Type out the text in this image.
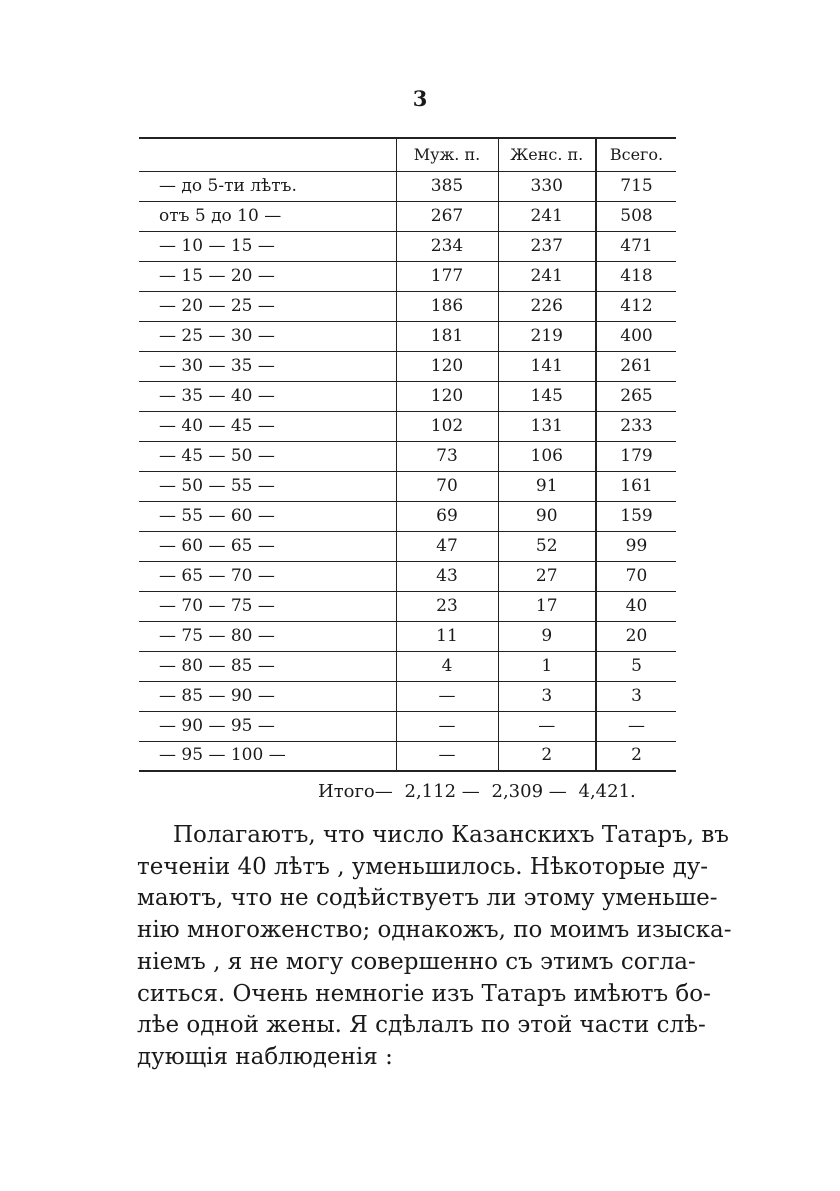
3
	Муж. п.	Женс. п.	Всего.
— до 5-ти лѣтъ.	385	330	715
отъ 5 до 10 —	267	241	508
— 10 — 15 —	234	237	471
— 15 — 20 —	177	241	418
— 20 — 25 —	186	226	412
— 25 — 30 —	181	219	400
— 30 — 35 —	120	141	261
— 35 — 40 —	120	145	265
— 40 — 45 —	102	131	233
— 45 — 50 —	73	106	179
— 50 — 55 —	70	91	161
— 55 — 60 —	69	90	159
— 60 — 65 —	47	52	99
— 65 — 70 —	43	27	70
— 70 — 75 —	23	17	40
— 75 — 80 —	11	9	20
— 80 — 85 —	4	1	5
— 85 — 90 —	—	3	3
— 90 — 95 —	—	—	—
— 95 — 100 —	—	2	2
Итого— 2,112 — 2,309 — 4,421.
Полагаютъ, что число Казанскихъ Татаръ, въ
теченіи 40 лѣтъ , уменьшилось. Нѣкоторые ду-
маютъ, что не содѣйствуетъ ли этому уменьше-
нію многоженство; однакожъ, по моимъ изыска-
ніемъ , я не могу совершенно съ этимъ согла-
ситься. Очень немногіе изъ Татаръ имѣютъ бо-
лѣе одной жены. Я сдѣлалъ по этой части слѣ-
дующія наблюденія :
